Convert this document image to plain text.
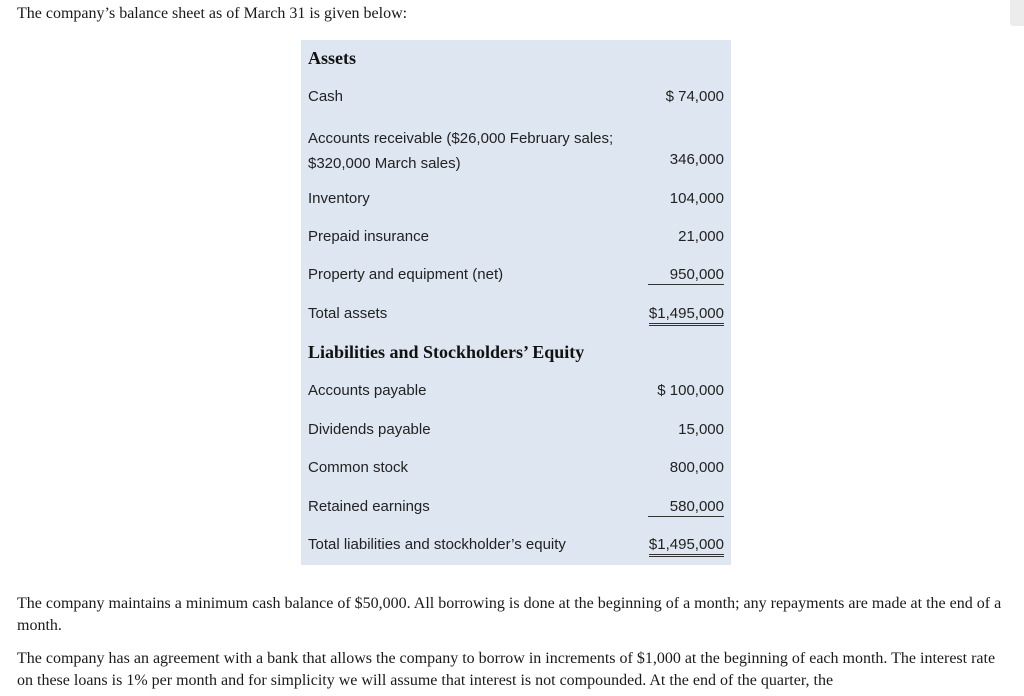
The company’s balance sheet as of March 31 is given below:

Assets
Cash	$ 74,000
Accounts receivable ($26,000 February sales;
$320,000 March sales)	346,000
Inventory	104,000
Prepaid insurance	21,000
Property and equipment (net)	950,000
Total assets	$1,495,000
Liabilities and Stockholders’ Equity
Accounts payable	$ 100,000
Dividends payable	15,000
Common stock	800,000
Retained earnings	580,000
Total liabilities and stockholder’s equity	$1,495,000

The company maintains a minimum cash balance of $50,000. All borrowing is done at the beginning of a month; any repayments are made at the end of a month.

The company has an agreement with a bank that allows the company to borrow in increments of $1,000 at the beginning of each month. The interest rate on these loans is 1% per month and for simplicity we will assume that interest is not compounded. At the end of the quarter, the
